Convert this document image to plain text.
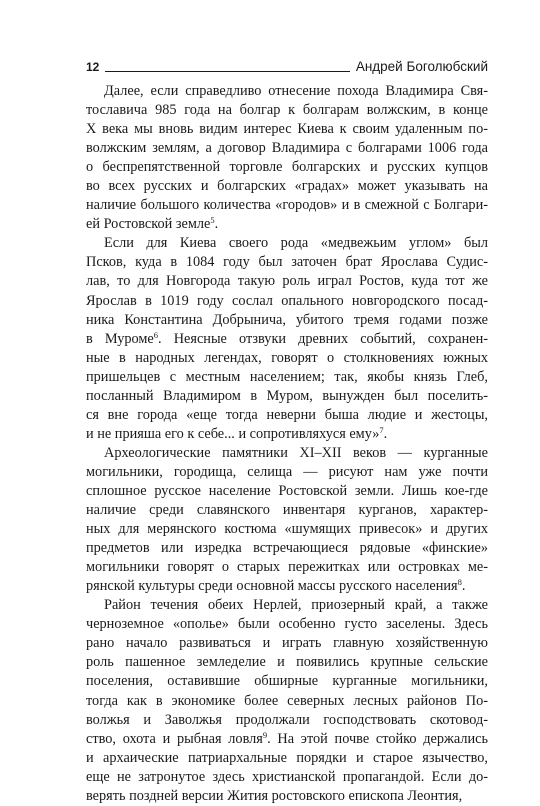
12	Андрей Боголюбский
Далее, если справедливо отнесение похода Владимира Свя-
тославича 985 года на болгар к болгарам волжским, в конце
Х века мы вновь видим интерес Киева к своим удаленным по-
волжским землям, а договор Владимира с болгарами 1006 года
о беспрепятственной торговле болгарских и русских купцов
во всех русских и болгарских «градах» может указывать на
наличие большого количества «городов» и в смежной с Болгари-
ей Ростовской земле$^5$.
Если для Киева своего рода «медвежьим углом» был
Псков, куда в 1084 году был заточен брат Ярослава Судис-
лав, то для Новгорода такую роль играл Ростов, куда тот же
Ярослав в 1019 году сослал опального новгородского посад-
ника Константина Добрынича, убитого тремя годами позже
в Муроме$^6$. Неясные отзвуки древних событий, сохранен-
ные в народных легендах, говорят о столкновениях южных
пришельцев с местным населением; так, якобы князь Глеб,
посланный Владимиром в Муром, вынужден был поселить-
ся вне города «еще тогда неверни быша людие и жестоцы,
и не прияша его к себе... и сопротивляхуся ему»$^7$.
Археологические памятники XI–XII веков — курганные
могильники, городища, селища — рисуют нам уже почти
сплошное русское население Ростовской земли. Лишь кое-где
наличие среди славянского инвентаря курганов, характер-
ных для мерянского костюма «шумящих привесок» и других
предметов или изредка встречающиеся рядовые «финские»
могильники говорят о старых пережитках или островках ме-
рянской культуры среди основной массы русского населения$^8$.
Район течения обеих Нерлей, приозерный край, а также
черноземное «ополье» были особенно густо заселены. Здесь
рано начало развиваться и играть главную хозяйственную
роль пашенное земледелие и появились крупные сельские
поселения, оставившие обширные курганные могильники,
тогда как в экономике более северных лесных районов По-
волжья и Заволжья продолжали господствовать скотовод-
ство, охота и рыбная ловля$^9$. На этой почве стойко держались
и архаические патриархальные порядки и старое язычество,
еще не затронутое здесь христианской пропагандой. Если до-
верять поздней версии Жития ростовского епископа Леонтия,
